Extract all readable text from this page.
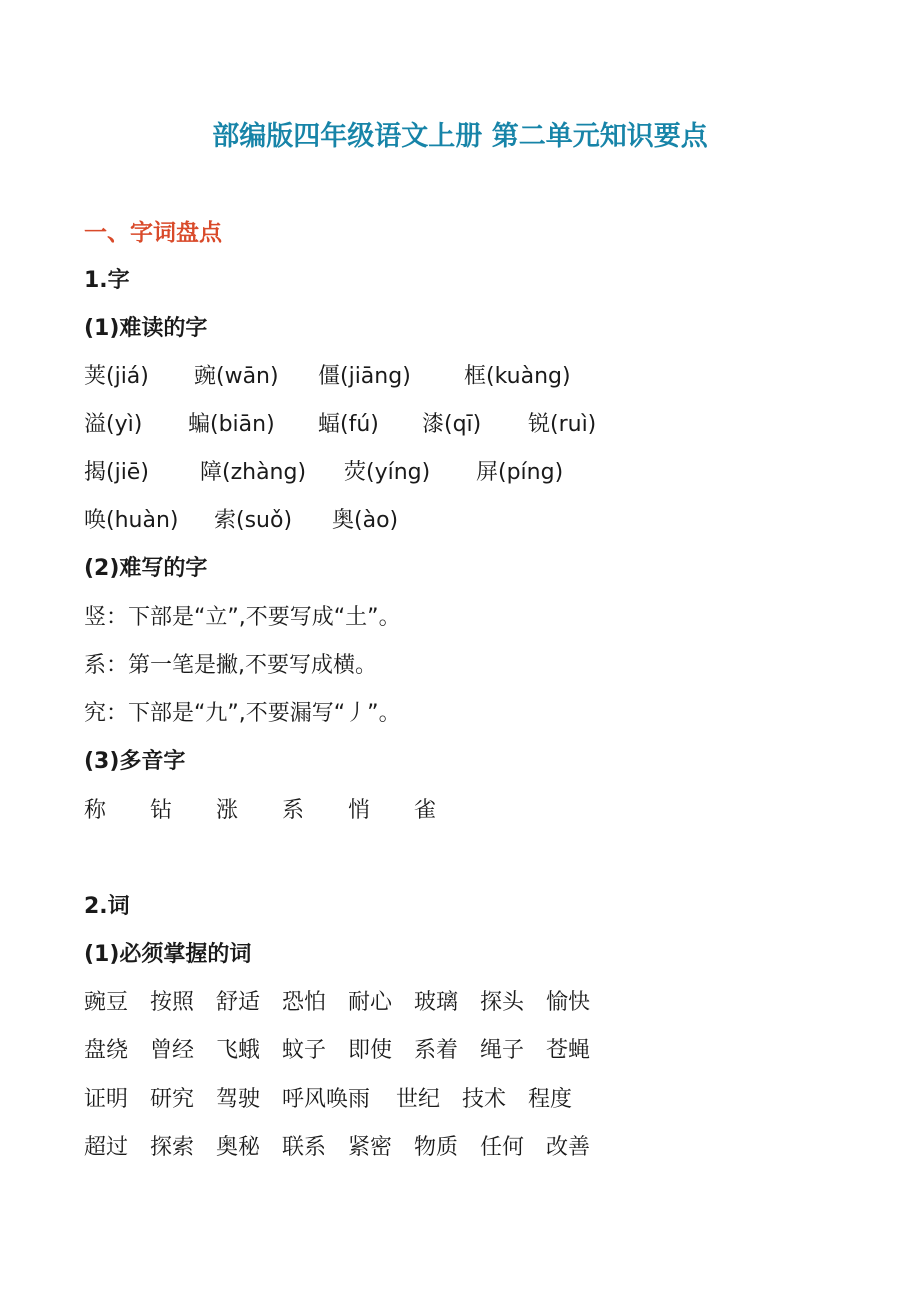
部编版四年级语文上册 第二单元知识要点
一、字词盘点
1.字
(1)难读的字
荚(jiá)	豌(wān)	僵(jiāng)	框(kuàng)
溢(yì)	蝙(biān)	蝠(fú)	漆(qī)	锐(ruì)
揭(jiē)	障(zhàng)	荧(yíng)	屏(píng)
唤(huàn)	索(suǒ)	奥(ào)
(2)难写的字
竖：下部是“立”,不要写成“土”。
系：第一笔是撇,不要写成横。
究：下部是“九”,不要漏写“丿”。
(3)多音字
称	钻	涨	系	悄	雀
2.词
(1)必须掌握的词
豌豆 按照 舒适 恐怕 耐心 玻璃 探头 愉快
盘绕 曾经 飞蛾 蚊子 即使 系着 绳子 苍蝇
证明 研究 驾驶 呼风唤雨	世纪 技术 程度
超过 探索 奥秘 联系 紧密 物质 任何 改善
